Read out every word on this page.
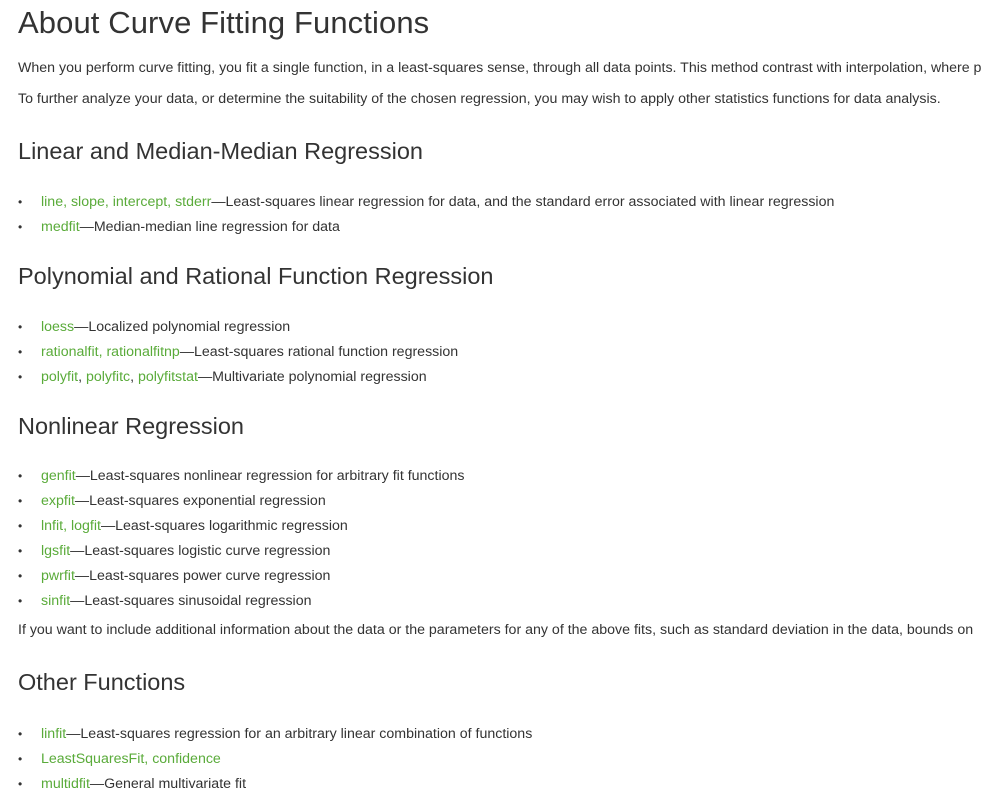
About Curve Fitting Functions

When you perform curve fitting, you fit a single function, in a least-squares sense, through all data points. This method contrast with interpolation, where p

To further analyze your data, or determine the suitability of the chosen regression, you may wish to apply other statistics functions for data analysis.

Linear and Median-Median Regression
• line, slope, intercept, stderr—Least-squares linear regression for data, and the standard error associated with linear regression
• medfit—Median-median line regression for data
Polynomial and Rational Function Regression
• loess—Localized polynomial regression
• rationalfit, rationalfitnp—Least-squares rational function regression
• polyfit, polyfitc, polyfitstat—Multivariate polynomial regression
Nonlinear Regression
• genfit—Least-squares nonlinear regression for arbitrary fit functions
• expfit—Least-squares exponential regression
• lnfit, logfit—Least-squares logarithmic regression
• lgsfit—Least-squares logistic curve regression
• pwrfit—Least-squares power curve regression
• sinfit—Least-squares sinusoidal regression

If you want to include additional information about the data or the parameters for any of the above fits, such as standard deviation in the data, bounds on

Other Functions
• linfit—Least-squares regression for an arbitrary linear combination of functions
• LeastSquaresFit, confidence
• multidfit—General multivariate fit
